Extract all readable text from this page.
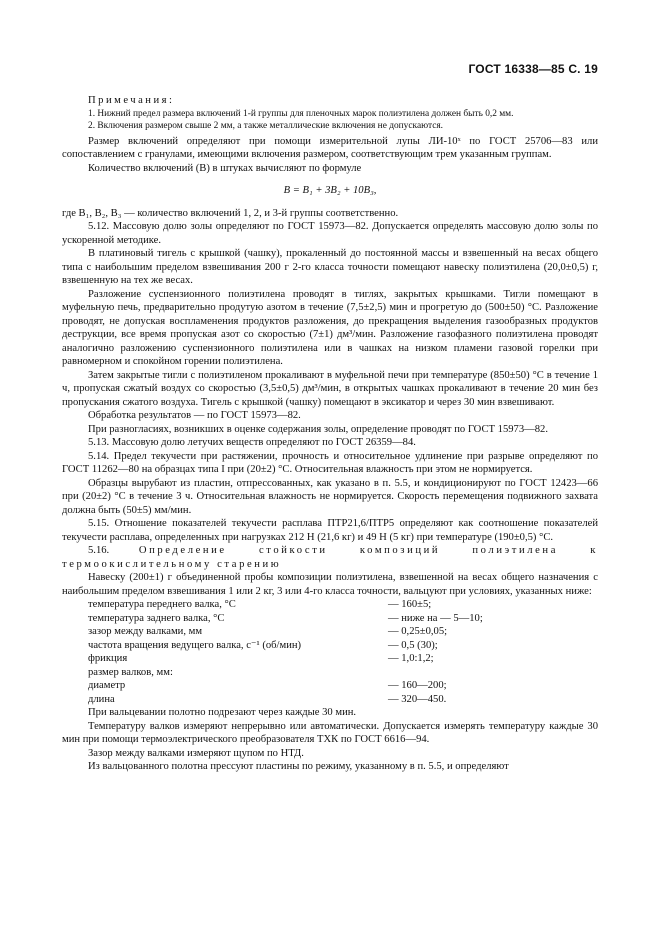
ГОСТ 16338—85 С. 19

Примечания:

1. Нижний предел размера включений 1-й группы для пленочных марок полиэтилена должен быть 0,2 мм.

2. Включения размером свыше 2 мм, а также металлические включения не допускаются.

Размер включений определяют при помощи измерительной лупы ЛИ-10ˣ по ГОСТ 25706—83 или сопоставлением с гранулами, имеющими включения размером, соответствующим трем указанным группам.

Количество включений (B) в штуках вычисляют по формуле

B = B₁ + 3B₂ + 10B₃,

где B₁, B₂, B₃ — количество включений 1, 2, и 3-й группы соответственно.

5.12. Массовую долю золы определяют по ГОСТ 15973—82. Допускается определять массовую долю золы по ускоренной методике.

В платиновый тигель с крышкой (чашку), прокаленный до постоянной массы и взвешенный на весах общего типа с наибольшим пределом взвешивания 200 г 2-го класса точности помещают навеску полиэтилена (20,0±0,5) г, взвешенную на тех же весах.

Разложение суспензионного полиэтилена проводят в тиглях, закрытых крышками. Тигли помещают в муфельную печь, предварительно продутую азотом в течение (7,5±2,5) мин и прогретую до (500±50) °С. Разложение проводят, не допуская воспламенения продуктов разложения, до прекращения выделения газообразных продуктов деструкции, все время пропуская азот со скоростью (7±1) дм³/мин. Разложение газофазного полиэтилена проводят аналогично разложению суспензионного полиэтилена или в чашках на низком пламени газовой горелки при равномерном и спокойном горении полиэтилена.

Затем закрытые тигли с полиэтиленом прокаливают в муфельной печи при температуре (850±50) °С в течение 1 ч, пропуская сжатый воздух со скоростью (3,5±0,5) дм³/мин, в открытых чашках прокаливают в течение 20 мин без пропускания сжатого воздуха. Тигель с крышкой (чашку) помещают в эксикатор и через 30 мин взвешивают.

Обработка результатов — по ГОСТ 15973—82.

При разногласиях, возникших в оценке содержания золы, определение проводят по ГОСТ 15973—82.

5.13. Массовую долю летучих веществ определяют по ГОСТ 26359—84.

5.14. Предел текучести при растяжении, прочность и относительное удлинение при разрыве определяют по ГОСТ 11262—80 на образцах типа I при (20±2) °С. Относительная влажность при этом не нормируется.

Образцы вырубают из пластин, отпрессованных, как указано в п. 5.5, и кондиционируют по ГОСТ 12423—66 при (20±2) °С в течение 3 ч. Относительная влажность не нормируется. Скорость перемещения подвижного захвата должна быть (50±5) мм/мин.

5.15. Отношение показателей текучести расплава ПТР21,6/ПТР5 определяют как соотношение показателей текучести расплава, определенных при нагрузках 212 Н (21,6 кг) и 49 Н (5 кг) при температуре (190±0,5) °С.

5.16.	Определение стойкости композиций полиэтилена к термоокислительному старению

Навеску (200±1) г объединенной пробы композиции полиэтилена, взвешенной на весах общего назначения с наибольшим пределом взвешивания 1 или 2 кг, 3 или 4-го класса точности, вальцуют при условиях, указанных ниже:

температура переднего валка, °С	— 160±5;
температура заднего валка, °С	— ниже на — 5—10;
зазор между валками, мм	— 0,25±0,05;
частота вращения ведущего валка, с⁻¹ (об/мин)	— 0,5 (30);
фрикция	— 1,0:1,2;
размер валков, мм:	
диаметр	— 160—200;
длина	— 320—450.

При вальцевании полотно подрезают через каждые 30 мин.

Температуру валков измеряют непрерывно или автоматически. Допускается измерять температуру каждые 30 мин при помощи термоэлектрического преобразователя ТХК по ГОСТ 6616—94.

Зазор между валками измеряют щупом по НТД.

Из вальцованного полотна прессуют пластины по режиму, указанному в п. 5.5, и определяют
